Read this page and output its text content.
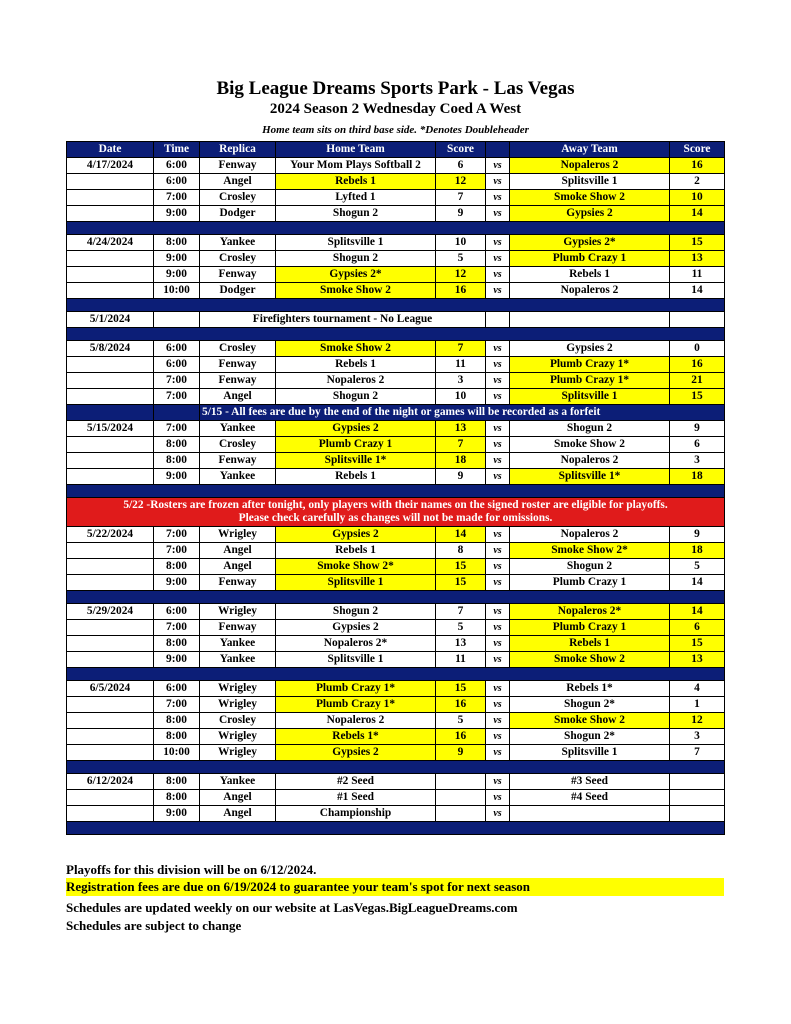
Big League Dreams Sports Park - Las Vegas
2024 Season 2 Wednesday Coed A West
Home team sits on third base side. *Denotes Doubleheader
Date	Time	Replica	Home Team	Score		Away Team	Score
4/17/2024	6:00	Fenway	Your Mom Plays Softball 2	6	vs	Nopaleros 2	16
	6:00	Angel	Rebels 1	12	vs	Splitsville 1	2
	7:00	Crosley	Lyfted 1	7	vs	Smoke Show 2	10
	9:00	Dodger	Shogun 2	9	vs	Gypsies 2	14

4/24/2024	8:00	Yankee	Splitsville 1	10	vs	Gypsies 2*	15
	9:00	Crosley	Shogun 2	5	vs	Plumb Crazy 1	13
	9:00	Fenway	Gypsies 2*	12	vs	Rebels 1	11
	10:00	Dodger	Smoke Show 2	16	vs	Nopaleros 2	14

5/1/2024		Firefighters tournament - No League					

5/8/2024	6:00	Crosley	Smoke Show 2	7	vs	Gypsies 2	0
	6:00	Fenway	Rebels 1	11	vs	Plumb Crazy 1*	16
	7:00	Fenway	Nopaleros 2	3	vs	Plumb Crazy 1*	21
	7:00	Angel	Shogun 2	10	vs	Splitsville 1	15
		5/15 - All fees are due by the end of the night or games will be recorded as a forfeit					
5/15/2024	7:00	Yankee	Gypsies 2	13	vs	Shogun 2	9
	8:00	Crosley	Plumb Crazy 1	7	vs	Smoke Show 2	6
	8:00	Fenway	Splitsville 1*	18	vs	Nopaleros 2	3
	9:00	Yankee	Rebels 1	9	vs	Splitsville 1*	18

5/22 -Rosters are frozen after tonight, only players with their names on the signed roster are eligible for playoffs.
Please check carefully as changes will not be made for omissions.							

5/22/2024	7:00	Wrigley	Gypsies 2	14	vs	Nopaleros 2	9
	7:00	Angel	Rebels 1	8	vs	Smoke Show 2*	18
	8:00	Angel	Smoke Show 2*	15	vs	Shogun 2	5
	9:00	Fenway	Splitsville 1	15	vs	Plumb Crazy 1	14

5/29/2024	6:00	Wrigley	Shogun 2	7	vs	Nopaleros 2*	14
	7:00	Fenway	Gypsies 2	5	vs	Plumb Crazy 1	6
	8:00	Yankee	Nopaleros 2*	13	vs	Rebels 1	15
	9:00	Yankee	Splitsville 1	11	vs	Smoke Show 2	13

6/5/2024	6:00	Wrigley	Plumb Crazy 1*	15	vs	Rebels 1*	4
	7:00	Wrigley	Plumb Crazy 1*	16	vs	Shogun 2*	1
	8:00	Crosley	Nopaleros 2	5	vs	Smoke Show 2	12
	8:00	Wrigley	Rebels 1*	16	vs	Shogun 2*	3
	10:00	Wrigley	Gypsies 2	9	vs	Splitsville 1	7

6/12/2024	8:00	Yankee	#2 Seed		vs	#3 Seed	
	8:00	Angel	#1 Seed		vs	#4 Seed	
	9:00	Angel	Championship		vs		

Playoffs for this division will be on 6/12/2024.
Registration fees are due on 6/19/2024 to guarantee your team's spot for next season
Schedules are updated weekly on our website at LasVegas.BigLeagueDreams.com
Schedules are subject to change
